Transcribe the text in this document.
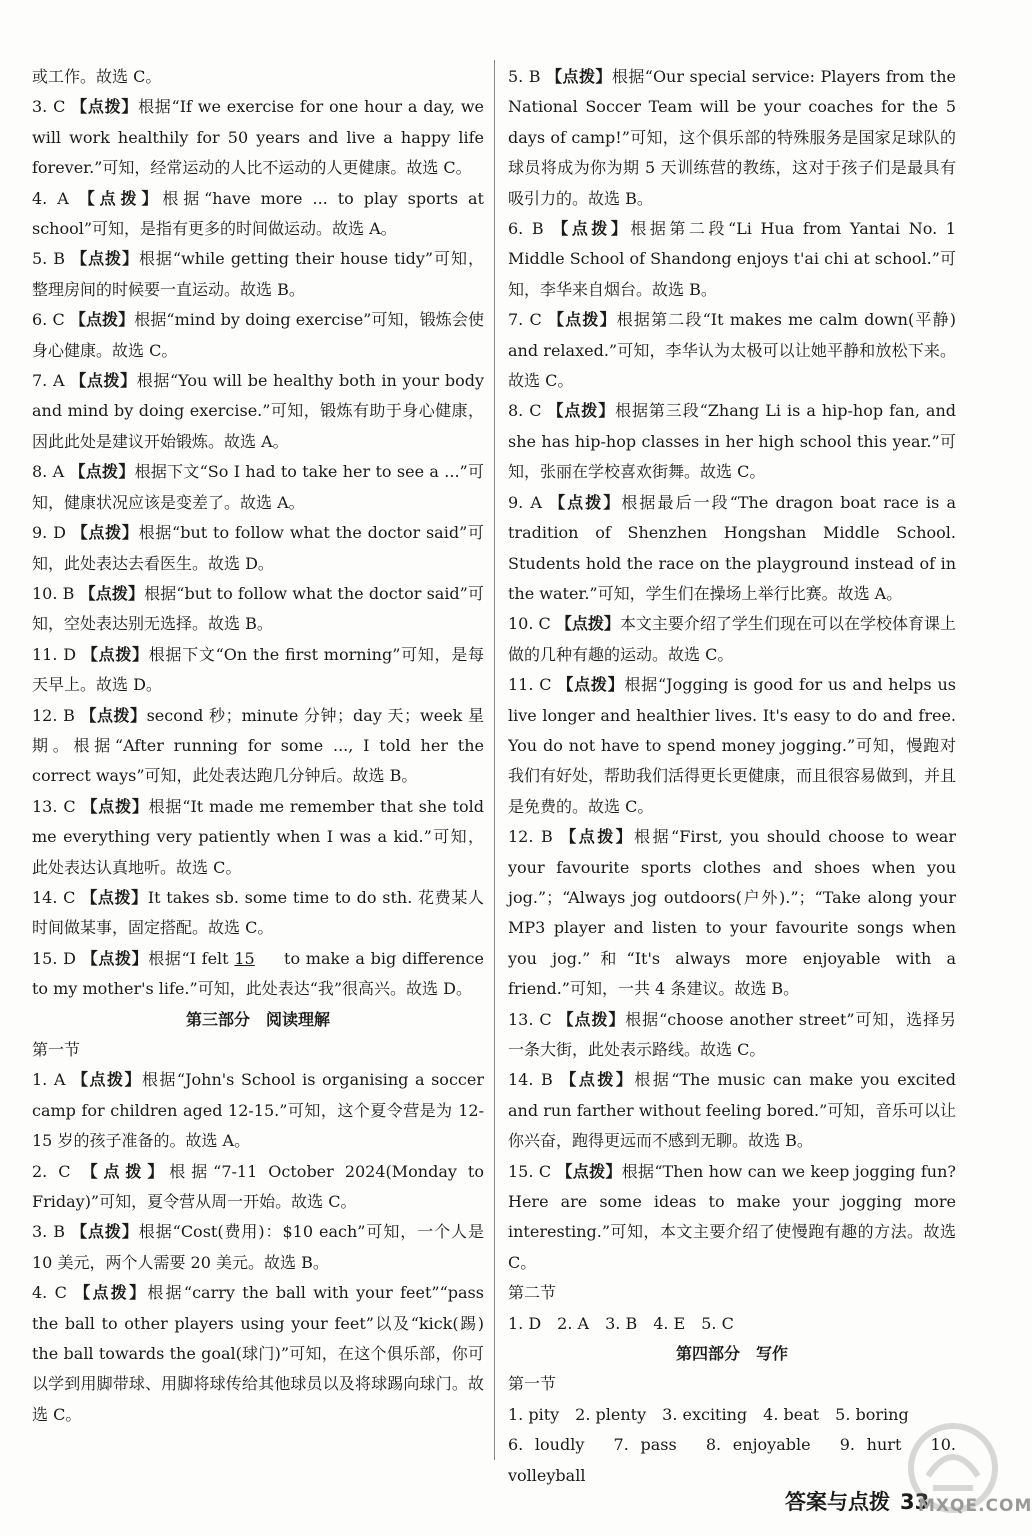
或工作。故选 C。

3. C 【点拨】根据“If we exercise for one hour a day, we will work healthily for 50 years and live a happy life forever.”可知，经常运动的人比不运动的人更健康。故选 C。

4. A 【点拨】根据“have more ... to play sports at school”可知，是指有更多的时间做运动。故选 A。

5. B 【点拨】根据“while getting their house tidy”可知，整理房间的时候要一直运动。故选 B。

6. C 【点拨】根据“mind by doing exercise”可知，锻炼会使身心健康。故选 C。

7. A 【点拨】根据“You will be healthy both in your body and mind by doing exercise.”可知，锻炼有助于身心健康，因此此处是建议开始锻炼。故选 A。

8. A 【点拨】根据下文“So I had to take her to see a ...”可知，健康状况应该是变差了。故选 A。

9. D 【点拨】根据“but to follow what the doctor said”可知，此处表达去看医生。故选 D。

10. B 【点拨】根据“but to follow what the doctor said”可知，空处表达别无选择。故选 B。

11. D 【点拨】根据下文“On the first morning”可知，是每天早上。故选 D。

12. B 【点拨】second 秒；minute 分钟；day 天；week 星期。根据“After running for some ..., I told her the correct ways”可知，此处表达跑几分钟后。故选 B。

13. C 【点拨】根据“It made me remember that she told me everything very patiently when I was a kid.”可知，此处表达认真地听。故选 C。

14. C 【点拨】It takes sb. some time to do sth. 花费某人时间做某事，固定搭配。故选 C。

15. D 【点拨】根据“I felt 15 to make a big difference to my mother's life.”可知，此处表达“我”很高兴。故选 D。

第三部分　阅读理解

第一节

1. A 【点拨】根据“John's School is organising a soccer camp for children aged 12-15.”可知，这个夏令营是为 12-15 岁的孩子准备的。故选 A。

2. C 【点拨】根据“7-11 October 2024(Monday to Friday)”可知，夏令营从周一开始。故选 C。

3. B 【点拨】根据“Cost(费用)：$10 each”可知，一个人是 10 美元，两个人需要 20 美元。故选 B。

4. C 【点拨】根据“carry the ball with your feet”“pass the ball to other players using your feet”以及“kick(踢) the ball towards the goal(球门)”可知，在这个俱乐部，你可以学到用脚带球、用脚将球传给其他球员以及将球踢向球门。故选 C。

5. B 【点拨】根据“Our special service: Players from the National Soccer Team will be your coaches for the 5 days of camp!”可知，这个俱乐部的特殊服务是国家足球队的球员将成为你为期 5 天训练营的教练，这对于孩子们是最具有吸引力的。故选 B。

6. B 【点拨】根据第二段“Li Hua from Yantai No. 1 Middle School of Shandong enjoys t'ai chi at school.”可知，李华来自烟台。故选 B。

7. C 【点拨】根据第二段“It makes me calm down(平静) and relaxed.”可知，李华认为太极可以让她平静和放松下来。故选 C。

8. C 【点拨】根据第三段“Zhang Li is a hip-hop fan, and she has hip-hop classes in her high school this year.”可知，张丽在学校喜欢街舞。故选 C。

9. A 【点拨】根据最后一段“The dragon boat race is a tradition of Shenzhen Hongshan Middle School. Students hold the race on the playground instead of in the water.”可知，学生们在操场上举行比赛。故选 A。

10. C 【点拨】本文主要介绍了学生们现在可以在学校体育课上做的几种有趣的运动。故选 C。

11. C 【点拨】根据“Jogging is good for us and helps us live longer and healthier lives. It's easy to do and free. You do not have to spend money jogging.”可知，慢跑对我们有好处，帮助我们活得更长更健康，而且很容易做到，并且是免费的。故选 C。

12. B 【点拨】根据“First, you should choose to wear your favourite sports clothes and shoes when you jog.”；“Always jog outdoors(户外).”；“Take along your MP3 player and listen to your favourite songs when you jog.”和“It's always more enjoyable with a friend.”可知，一共 4 条建议。故选 B。

13. C 【点拨】根据“choose another street”可知，选择另一条大街，此处表示路线。故选 C。

14. B 【点拨】根据“The music can make you excited and run farther without feeling bored.”可知，音乐可以让你兴奋，跑得更远而不感到无聊。故选 B。

15. C 【点拨】根据“Then how can we keep jogging fun? Here are some ideas to make your jogging more interesting.”可知，本文主要介绍了使慢跑有趣的方法。故选 C。

第二节

1. D　2. A　3. B　4. E　5. C

第四部分　写作

第一节

1. pity　2. plenty　3. exciting　4. beat　5. boring

6. loudly　7. pass　8. enjoyable　9. hurt　10. volleyball

答案与点拨 33
MXQE.COM
